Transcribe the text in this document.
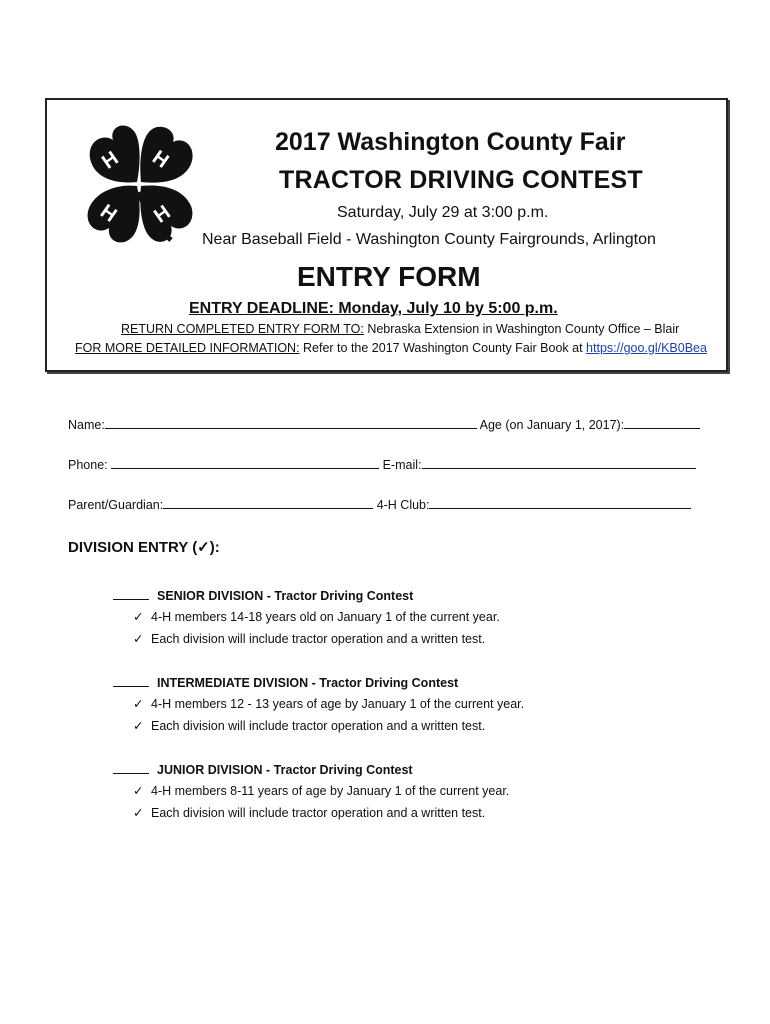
H H
H H
2017 Washington County Fair
TRACTOR DRIVING CONTEST
Saturday, July 29 at 3:00 p.m.
Near Baseball Field - Washington County Fairgrounds, Arlington
ENTRY FORM
ENTRY DEADLINE: Monday, July 10 by 5:00 p.m.
RETURN COMPLETED ENTRY FORM TO: Nebraska Extension in Washington County Office – Blair
FOR MORE DETAILED INFORMATION: Refer to the 2017 Washington County Fair Book at https://goo.gl/KB0Bea
Name:	Age (on January 1, 2017):
Phone:	E-mail:
Parent/Guardian:	4-H Club:
DIVISION ENTRY (✓):
SENIOR DIVISION - Tractor Driving Contest
✓ 4-H members 14-18 years old on January 1 of the current year.
✓ Each division will include tractor operation and a written test.
INTERMEDIATE DIVISION - Tractor Driving Contest
✓ 4-H members 12 - 13 years of age by January 1 of the current year.
✓ Each division will include tractor operation and a written test.
JUNIOR DIVISION - Tractor Driving Contest
✓ 4-H members 8-11 years of age by January 1 of the current year.
✓ Each division will include tractor operation and a written test.
